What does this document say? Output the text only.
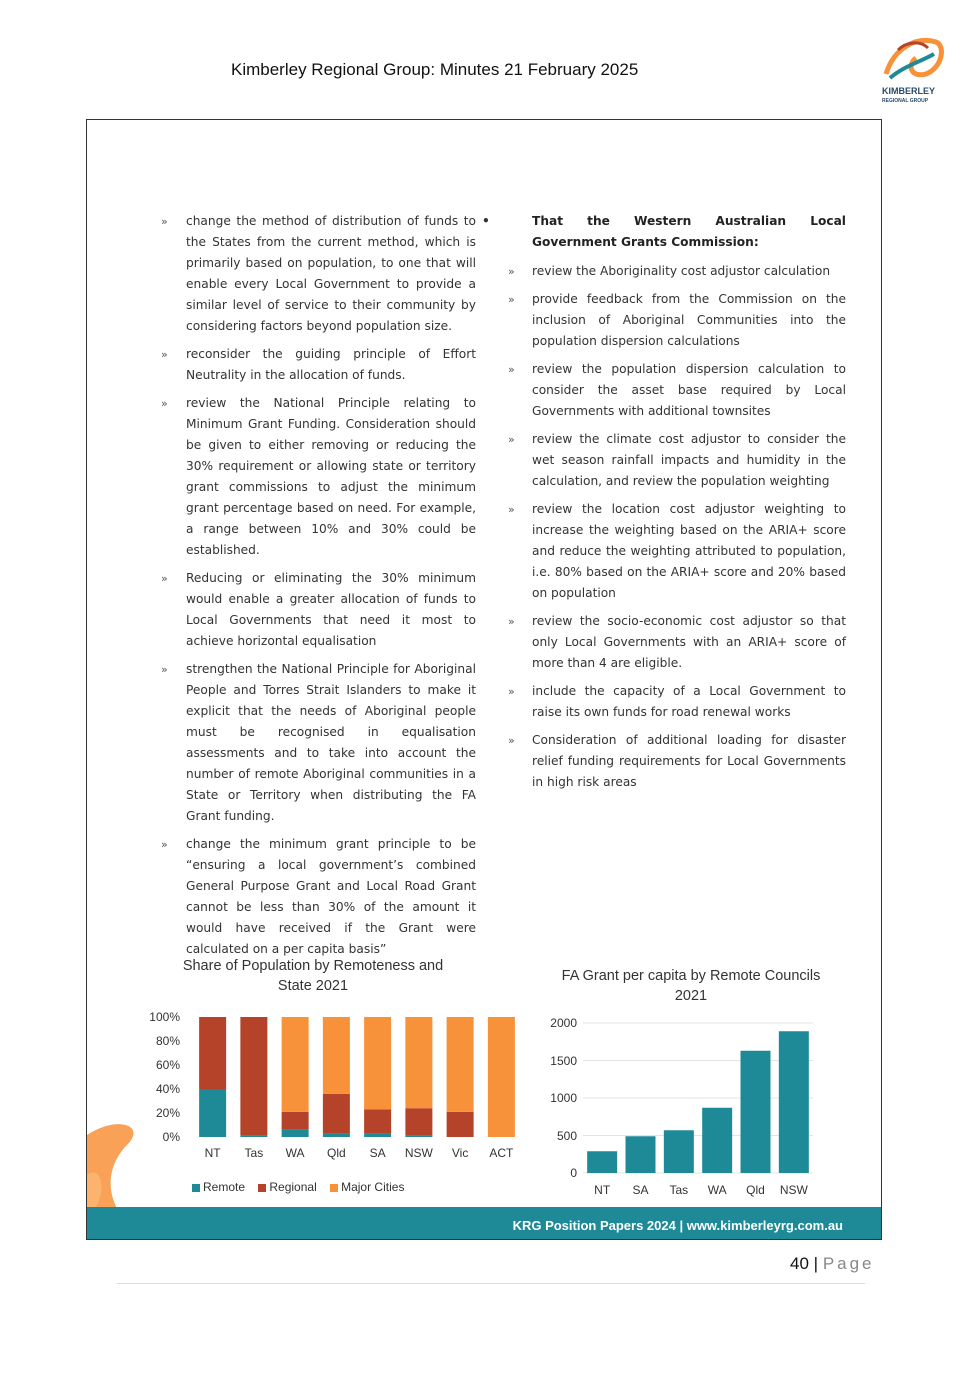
Kimberley Regional Group: Minutes 21 February 2025
KIMBERLEY
REGIONAL GROUP
KIMBERLEY

» change the method of distribution of funds to the States from the current method, which is primarily based on population, to one that will enable every Local Government to provide a similar level of service to their community by considering factors beyond population size.

» reconsider the guiding principle of Effort Neutrality in the allocation of funds.

» review the National Principle relating to Minimum Grant Funding. Consideration should be given to either removing or reducing the 30% requirement or allowing state or territory grant commissions to adjust the minimum grant percentage based on need. For example, a range between 10% and 30% could be established.

» Reducing or eliminating the 30% minimum would enable a greater allocation of funds to Local Governments that need it most to achieve horizontal equalisation

» strengthen the National Principle for Aboriginal People and Torres Strait Islanders to make it explicit that the needs of Aboriginal people must be recognised in equalisation assessments and to take into account the number of remote Aboriginal communities in a State or Territory when distributing the FA Grant funding.

» change the minimum grant principle to be “ensuring a local government’s combined General Purpose Grant and Local Road Grant cannot be less than 30% of the amount it would have received if the Grant were calculated on a per capita basis”

• That the Western Australian Local Government Grants Commission:

» review the Aboriginality cost adjustor calculation

» provide feedback from the Commission on the inclusion of Aboriginal Communities into the population dispersion calculations

» review the population dispersion calculation to consider the asset base required by Local Governments with additional townsites

» review the climate cost adjustor to consider the wet season rainfall impacts and humidity in the calculation, and review the population weighting

» review the location cost adjustor weighting to increase the weighting based on the ARIA+ score and reduce the weighting attributed to population, i.e. 80% based on the ARIA+ score and 20% based on population

» review the socio-economic cost adjustor so that only Local Governments with an ARIA+ score of more than 4 are eligible.

» include the capacity of a Local Government to raise its own funds for road renewal works

» Consideration of additional loading for disaster relief funding requirements for Local Governments in high risk areas

Share of Population by Remoteness and State 2021
NT	Tas	WA	Qld	SA	NSW	Vic	ACT
0%
20%
40%
60%
80%
100%
Remote Regional Major Cities
FA Grant per capita by Remote Councils 2021
NT	SA	Tas	WA	Qld	NSW
0
500
1000
1500
2000
KRG Position Papers 2024 | www.kimberleyrg.com.au
40 | Page
